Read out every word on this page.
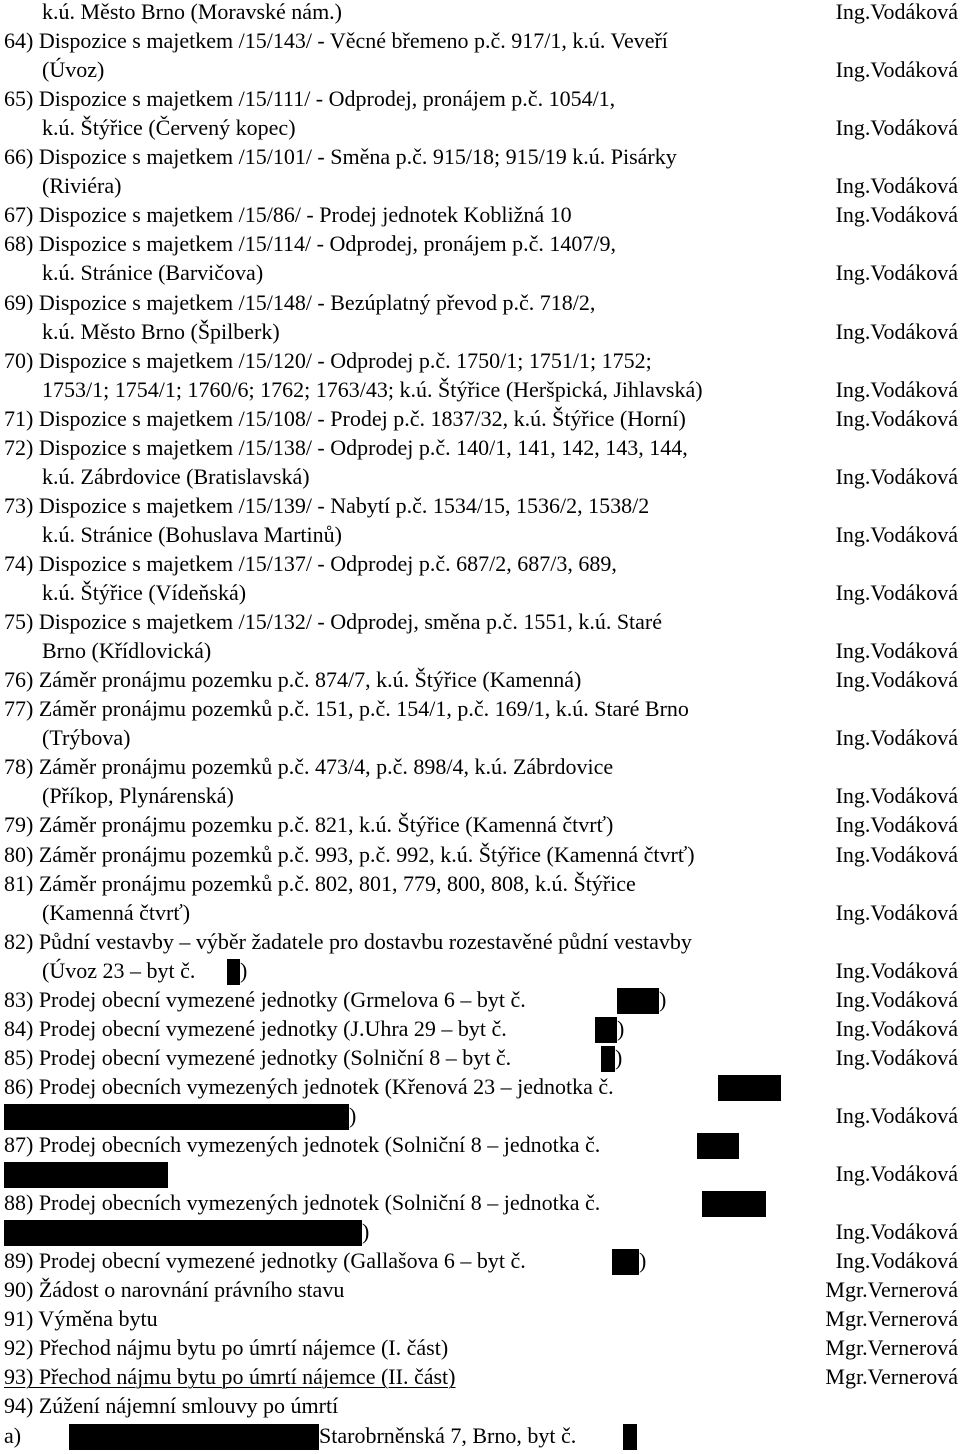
k.ú. Město Brno (Moravské nám.)	Ing.Vodáková
64) Dispozice s majetkem /15/143/ - Věcné břemeno p.č. 917/1, k.ú. Veveří
(Úvoz)	Ing.Vodáková
65) Dispozice s majetkem /15/111/ - Odprodej, pronájem p.č. 1054/1,
k.ú. Štýřice (Červený kopec)	Ing.Vodáková
66) Dispozice s majetkem /15/101/ - Směna p.č. 915/18; 915/19 k.ú. Pisárky
(Riviéra)	Ing.Vodáková
67) Dispozice s majetkem /15/86/ - Prodej jednotek Kobližná 10	Ing.Vodáková
68) Dispozice s majetkem /15/114/ - Odprodej, pronájem p.č. 1407/9,
k.ú. Stránice (Barvičova)	Ing.Vodáková
69) Dispozice s majetkem /15/148/ - Bezúplatný převod p.č. 718/2,
k.ú. Město Brno (Špilberk)	Ing.Vodáková
70) Dispozice s majetkem /15/120/ - Odprodej p.č. 1750/1; 1751/1; 1752;
1753/1; 1754/1; 1760/6; 1762; 1763/43; k.ú. Štýřice (Heršpická, Jihlavská)	Ing.Vodáková
71) Dispozice s majetkem /15/108/ - Prodej p.č. 1837/32, k.ú. Štýřice (Horní)	Ing.Vodáková
72) Dispozice s majetkem /15/138/ - Odprodej p.č. 140/1, 141, 142, 143, 144,
k.ú. Zábrdovice (Bratislavská)	Ing.Vodáková
73) Dispozice s majetkem /15/139/ - Nabytí p.č. 1534/15, 1536/2, 1538/2
k.ú. Stránice (Bohuslava Martinů)	Ing.Vodáková
74) Dispozice s majetkem /15/137/ - Odprodej p.č. 687/2, 687/3, 689,
k.ú. Štýřice (Vídeňská)	Ing.Vodáková
75) Dispozice s majetkem /15/132/ - Odprodej, směna p.č. 1551, k.ú. Staré
Brno (Křídlovická)	Ing.Vodáková
76) Záměr pronájmu pozemku p.č. 874/7, k.ú. Štýřice (Kamenná)	Ing.Vodáková
77) Záměr pronájmu pozemků p.č. 151, p.č. 154/1, p.č. 169/1, k.ú. Staré Brno
(Trýbova)	Ing.Vodáková
78) Záměr pronájmu pozemků p.č. 473/4, p.č. 898/4, k.ú. Zábrdovice
(Příkop, Plynárenská)	Ing.Vodáková
79) Záměr pronájmu pozemku p.č. 821, k.ú. Štýřice (Kamenná čtvrť)	Ing.Vodáková
80) Záměr pronájmu pozemků p.č. 993, p.č. 992, k.ú. Štýřice (Kamenná čtvrť)	Ing.Vodáková
81) Záměr pronájmu pozemků p.č. 802, 801, 779, 800, 808, k.ú. Štýřice
(Kamenná čtvrť)	Ing.Vodáková
82) Půdní vestavby – výběr žadatele pro dostavbu rozestavěné půdní vestavby
(Úvoz 23 – byt č. )	Ing.Vodáková
83) Prodej obecní vymezené jednotky (Grmelova 6 – byt č.	)	Ing.Vodáková
84) Prodej obecní vymezené jednotky (J.Uhra 29 – byt č.	)	Ing.Vodáková
85) Prodej obecní vymezené jednotky (Solniční 8 – byt č.	)	Ing.Vodáková
86) Prodej obecních vymezených jednotek (Křenová 23 – jednotka č.
)	Ing.Vodáková
87) Prodej obecních vymezených jednotek (Solniční 8 – jednotka č.
Ing.Vodáková
88) Prodej obecních vymezených jednotek (Solniční 8 – jednotka č.
)	Ing.Vodáková
89) Prodej obecní vymezené jednotky (Gallašova 6 – byt č.	)	Ing.Vodáková
90) Žádost o narovnání právního stavu	Mgr.Vernerová
91) Výměna bytu	Mgr.Vernerová
92) Přechod nájmu bytu po úmrtí nájemce (I. část)	Mgr.Vernerová
93) Přechod nájmu bytu po úmrtí nájemce (II. část)	Mgr.Vernerová
94) Zúžení nájemní smlouvy po úmrtí
a)	Starobrněnská 7, Brno, byt č.
